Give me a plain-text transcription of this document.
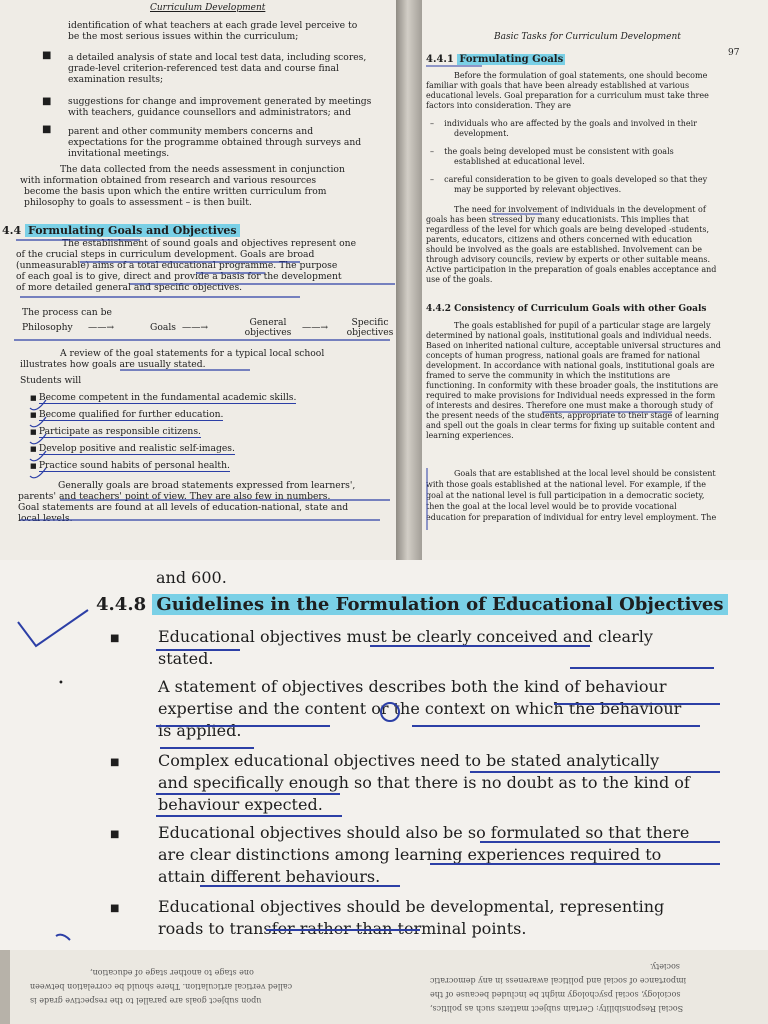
Curriculum Development
identification of what teachers at each grade level perceive to
be the most serious issues within the curriculum;
a detailed analysis of state and local test data, including scores,
grade-level criterion-referenced test data and course final
examination results;
suggestions for change and improvement generated by meetings
with teachers, guidance counsellors and administrators; and
parent and other community members concerns and
expectations for the programme obtained through surveys and
invitational meetings.
The data collected from the needs assessment in conjunction
with information obtained from research and various resources
become the basis upon which the entire written curriculum from
philosophy to goals to assessment – is then built.
■
■
■
4.4 Formulating Goals and Objectives
The establishment of sound goals and objectives represent one
of the crucial steps in curriculum development. Goals are broad
(unmeasurable) aims of a total educational programme. The purpose
of each goal is to give, direct and provide a basis for the development
of more detailed general and specific objectives.
The process can be
Philosophy ——→	Goals ——→	General objectives	——→	Specific objectives
A review of the goal statements for a typical local school
illustrates how goals are usually stated.
Students will
■ Become competent in the fundamental academic skills.
■ Become qualified for further education.
■ Participate as responsible citizens.
■ Develop positive and realistic self-images.
■ Practice sound habits of personal health.
Generally goals are broad statements expressed from learners',
parents' and teachers' point of view. They are also few in numbers.
Goal statements are found at all levels of education-national, state and
local levels.
Basic Tasks for Curriculum Development
97
4.4.1 Formulating Goals
Before the formulation of goal statements, one should become
familiar with goals that have been already established at various
educational levels. Goal preparation for a curriculum must take three
factors into consideration. They are
–    individuals who are affected by the goals and involved in their
development.
–    the goals being developed must be consistent with goals
established at educational level.
–    careful consideration to be given to goals developed so that they
may be supported by relevant objectives.
The need for involvement of individuals in the development of
goals has been stressed by many educationists. This implies that
regardless of the level for which goals are being developed -students,
parents, educators, citizens and others concerned with education
should be involved as the goals are established. Involvement can be
through advisory councils, review by experts or other suitable means.
Active participation in the preparation of goals enables acceptance and
use of the goals.
4.4.2 Consistency of Curriculum Goals with other Goals
The goals established for pupil of a particular stage are largely
determined by national goals, institutional goals and individual needs.
Based on inherited national culture, acceptable universal structures and
concepts of human progress, national goals are framed for national
development. In accordance with national goals, institutional goals are
framed to serve the community in which the institutions are
functioning. In conformity with these broader goals, the institutions are
required to make provisions for Individual needs expressed in the form
of interests and desires. Therefore one must make a thorough study of
the present needs of the students, appropriate to their stage of learning
and spell out the goals in clear terms for fixing up suitable content and
learning experiences.
Goals that are established at the local level should be consistent
with those goals established at the national level. For example, if the
goal at the national level is full participation in a democratic society,
then the goal at the local level would be to provide vocational
education for preparation of individual for entry level employment. The
and 600.
4.4.8 Guidelines in the Formulation of Educational Objectives
■ Educational objectives must be clearly conceived and clearly
stated.
•	A statement of objectives describes both the kind of behaviour
expertise and the content or the context on which the behaviour
is applied.
■ Complex educational objectives need to be stated analytically
and specifically enough so that there is no doubt as to the kind of
behaviour expected.
■ Educational objectives should also be so formulated so that there
are clear distinctions among learning experiences required to
attain different behaviours.
■ Educational objectives should be developmental, representing
roads to transfer rather than terminal points.
upon subject goals are parallel to the respective grade is
called vertical articulation. There should be correlation between
one stage to another stage of education,
Social Responsibility: Certain subject matters such as politics,
sociology, social psychology might be included because of the
importance of social and political awareness in any democratic
society.
